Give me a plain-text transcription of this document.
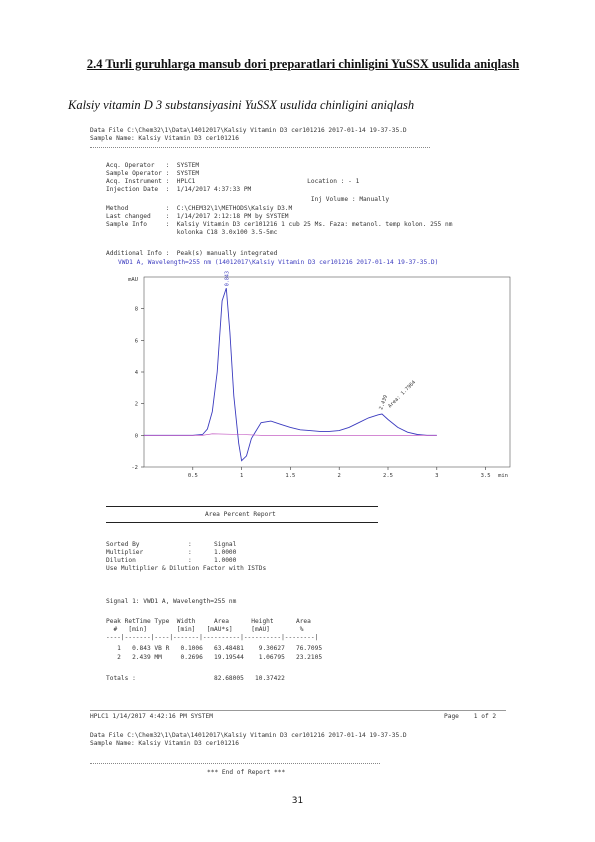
2.4 Turli guruhlarga mansub dori preparatlari chinligini YuSSX usulida aniqlash
Kalsiy vitamin D 3 substansiyasini YuSSX usulida chinligini aniqlash
Data File C:\Chem32\1\Data\14012017\Kalsiy Vitamin D3 cer101216 2017-01-14 19-37-35.D
Sample Name: Kalsiy Vitamin D3 cer101216
Acq. Operator   :  SYSTEM
Sample Operator :  SYSTEM
Acq. Instrument :  HPLC1                              Location : - 1
Injection Date  :  1/14/2017 4:37:33 PM
Inj Volume : Manually
Method          :  C:\CHEM32\1\METHODS\Kalsiy D3.M
Last changed    :  1/14/2017 2:12:18 PM by SYSTEM
Sample Info     :  Kalsiy Vitamin D3 cer101216 1 cub 25 Ms. Faza: metanol. temp kolon. 255 nm
kolonka C18 3.0x100 3.5-5mc
Additional Info :  Peak(s) manually integrated
VWD1 A, Wavelength=255 nm (14012017\Kalsiy Vitamin D3 cer101216 2017-01-14 19-37-35.D)
8
6
4
2
0
-2
mAU
0.5	1	1.5	2	2.5	3	3.5 min
0.843
2.439
Area: 1.7964
Area Percent Report
Sorted By             :      Signal
Multiplier            :      1.0000
Dilution              :      1.0000
Use Multiplier & Dilution Factor with ISTDs
Signal 1: VWD1 A, Wavelength=255 nm
Peak RetTime Type  Width     Area      Height      Area
#   [min]        [min]   [mAU*s]     [mAU]        %
----|-------|----|-------|----------|----------|--------|
1   0.843 VB R   0.1006   63.48481    9.30627   76.7095
2   2.439 MM     0.2696   19.19544    1.06795   23.2105
Totals :                     82.68005   10.37422
HPLC1 1/14/2017 4:42:16 PM SYSTEM	Page    1 of 2
Data File C:\Chem32\1\Data\14012017\Kalsiy Vitamin D3 cer101216 2017-01-14 19-37-35.D
Sample Name: Kalsiy Vitamin D3 cer101216
*** End of Report ***
31
